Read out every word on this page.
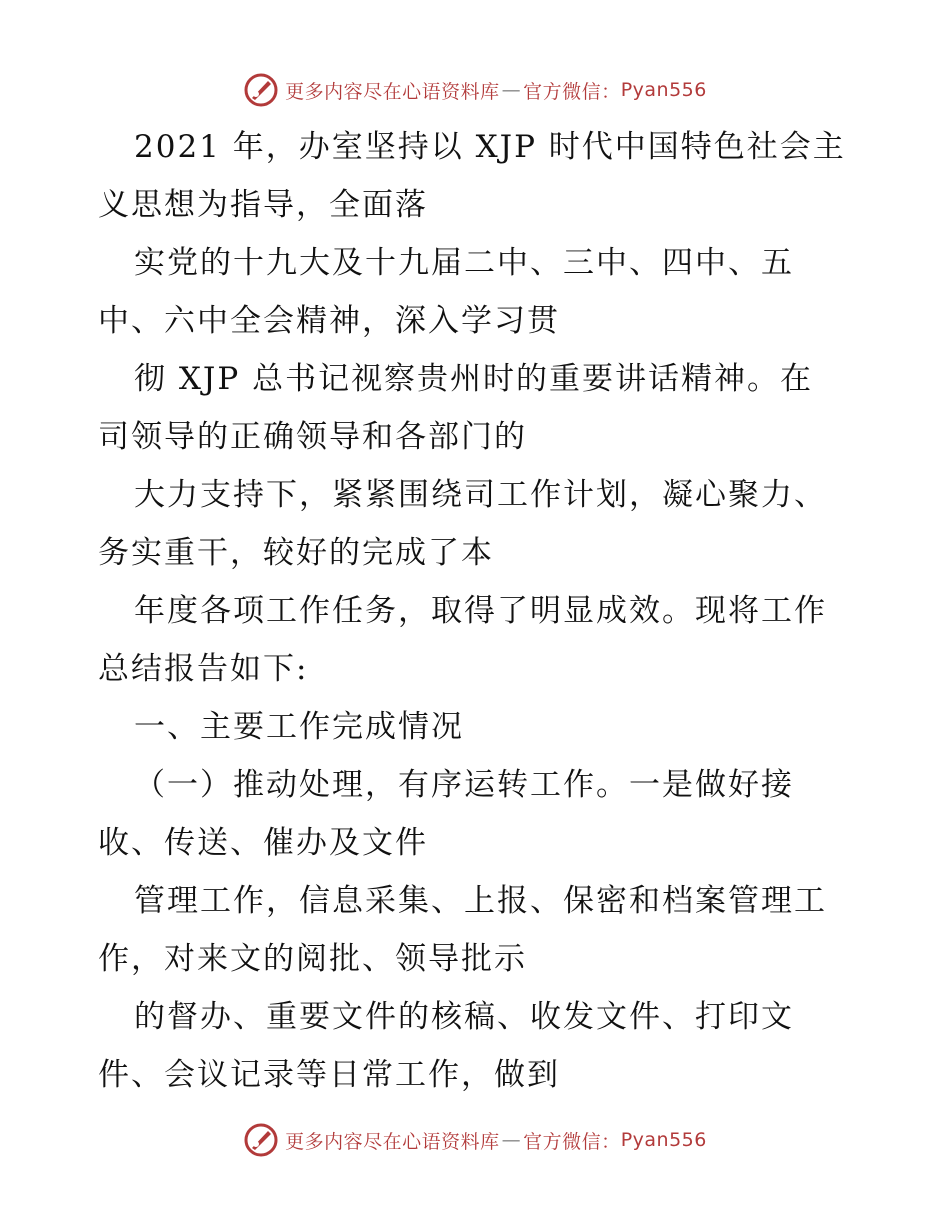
更多内容尽在心语资料库 — 官方微信： Pyan556
2021 年，办室坚持以 XJP 时代中国特色社会主
义思想为指导，全面落
实党的十九大及十九届二中、三中、四中、五
中、六中全会精神，深入学习贯
彻 XJP 总书记视察贵州时的重要讲话精神。在
司领导的正确领导和各部门的
大力支持下，紧紧围绕司工作计划，凝心聚力、
务实重干，较好的完成了本
年度各项工作任务，取得了明显成效。现将工作
总结报告如下:
一、主要工作完成情况
（一）推动处理，有序运转工作。一是做好接
收、传送、催办及文件
管理工作，信息采集、上报、保密和档案管理工
作，对来文的阅批、领导批示
的督办、重要文件的核稿、收发文件、打印文
件、会议记录等日常工作，做到
更多内容尽在心语资料库 — 官方微信： Pyan556
